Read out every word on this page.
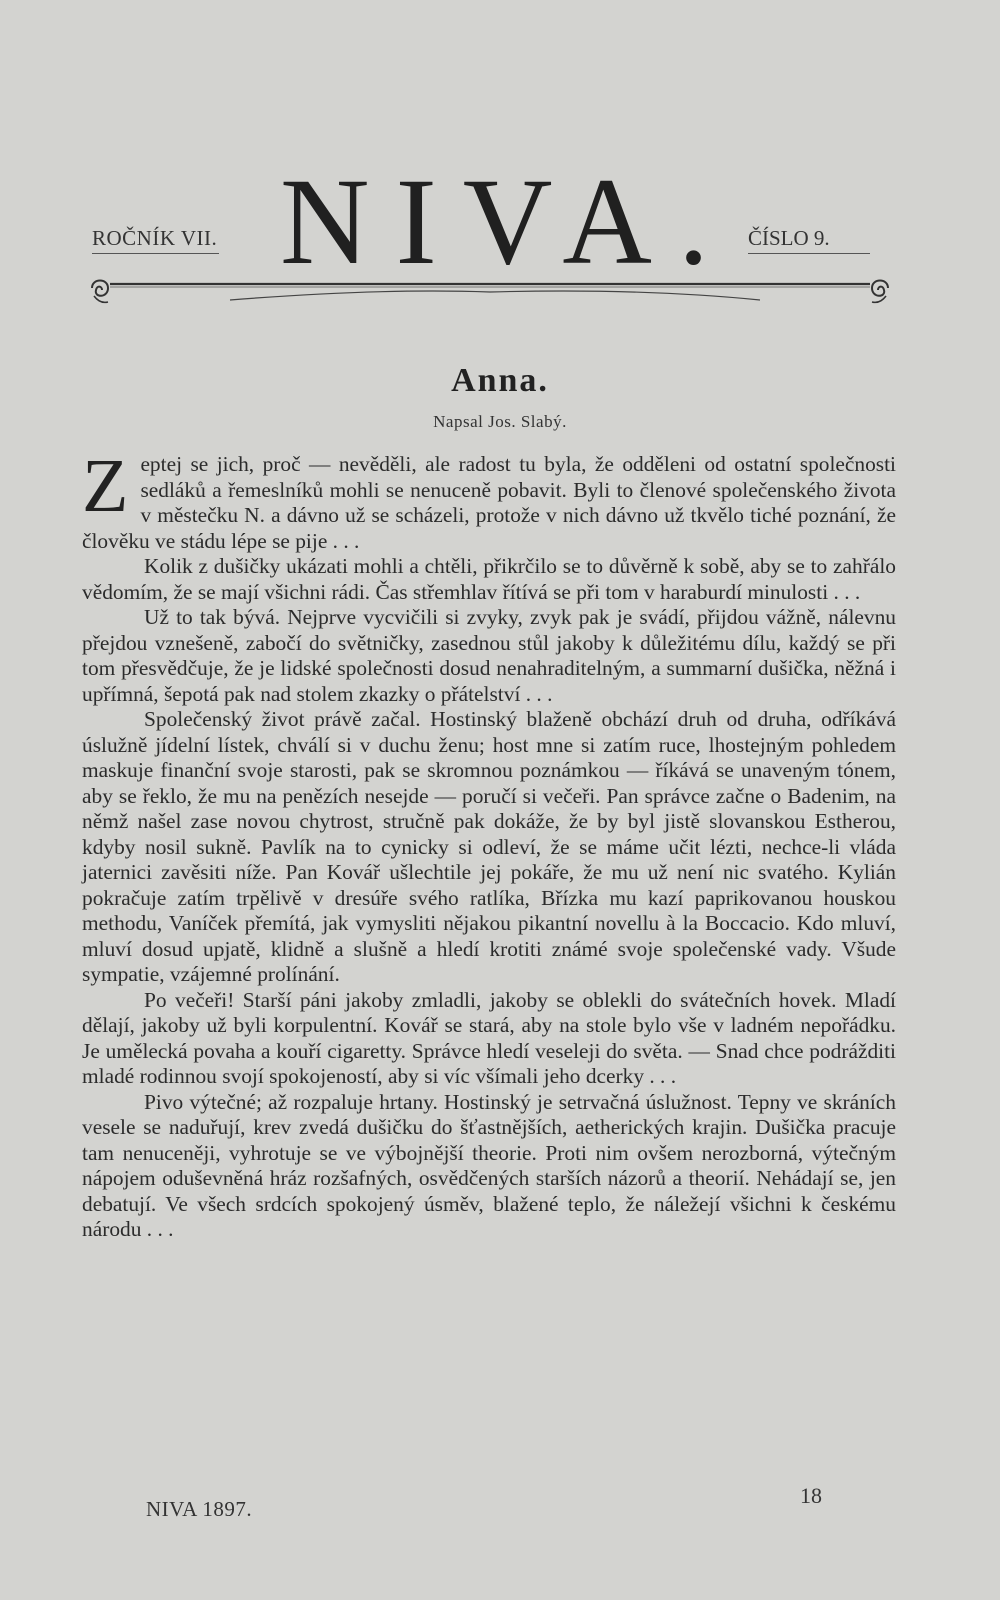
ROČNÍK VII. NIVA. ČÍSLO 9.
Anna.
Napsal Jos. Slabý.

Zeptej se jich, proč — nevěděli, ale radost tu byla, že odděleni od ostatní společnosti sedláků a řemeslníků mohli se nenuceně pobavit. Byli to členové společenského života v městečku N. a dávno už se scházeli, protože v nich dávno už tkvělo tiché poznání, že člověku ve stádu lépe se pije . . .

Kolik z dušičky ukázati mohli a chtěli, přikrčilo se to důvěrně k sobě, aby se to zahřálo vědomím, že se mají všichni rádi. Čas střemhlav řítívá se při tom v haraburdí minulosti . . .

Už to tak bývá. Nejprve vycvičili si zvyky, zvyk pak je svádí, přijdou vážně, nálevnu přejdou vznešeně, zabočí do světničky, zasednou stůl jakoby k důležitému dílu, každý se při tom přesvědčuje, že je lidské společnosti dosud nenahraditelným, a summarní dušička, něžná i upřímná, šepotá pak nad stolem zkazky o přátelství . . .

Společenský život právě začal. Hostinský blaženě obchází druh od druha, odříkává úslužně jídelní lístek, chválí si v duchu ženu; host mne si zatím ruce, lhostejným pohledem maskuje finanční svoje starosti, pak se skromnou poznámkou — říkává se unaveným tónem, aby se řeklo, že mu na penězích nesejde — poručí si večeři. Pan správce začne o Badenim, na němž našel zase novou chytrost, stručně pak dokáže, že by byl jistě slovanskou Estherou, kdyby nosil sukně. Pavlík na to cynicky si odleví, že se máme učit lézti, nechce-li vláda jaternici zavěsiti níže. Pan Kovář ušlechtile jej pokáře, že mu už není nic svatého. Kylián pokračuje zatím trpělivě v dresúře svého ratlíka, Břízka mu kazí paprikovanou houskou methodu, Vaníček přemítá, jak vymysliti nějakou pikantní novellu à la Boccacio. Kdo mluví, mluví dosud upjatě, klidně a slušně a hledí krotiti známé svoje společenské vady. Všude sympatie, vzájemné prolínání.

Po večeři! Starší páni jakoby zmladli, jakoby se oblekli do svátečních hovek. Mladí dělají, jakoby už byli korpulentní. Kovář se stará, aby na stole bylo vše v ladném nepořádku. Je umělecká povaha a kouří cigaretty. Správce hledí veseleji do světa. — Snad chce podrážditi mladé rodinnou svojí spokojeností, aby si víc všímali jeho dcerky . . .

Pivo výtečné; až rozpaluje hrtany. Hostinský je setrvačná úslužnost. Tepny ve skráních vesele se naduřují, krev zvedá dušičku do šťastnějších, aetherických krajin. Dušička pracuje tam nenuceněji, vyhrotuje se ve výbojnější theorie. Proti nim ovšem nerozborná, výtečným nápojem oduševněná hráz rozšafných, osvědčených starších názorů a theorií. Nehádají se, jen debatují. Ve všech srdcích spokojený úsměv, blažené teplo, že náležejí všichni k českému národu . . .

NIVA 1897.
18
